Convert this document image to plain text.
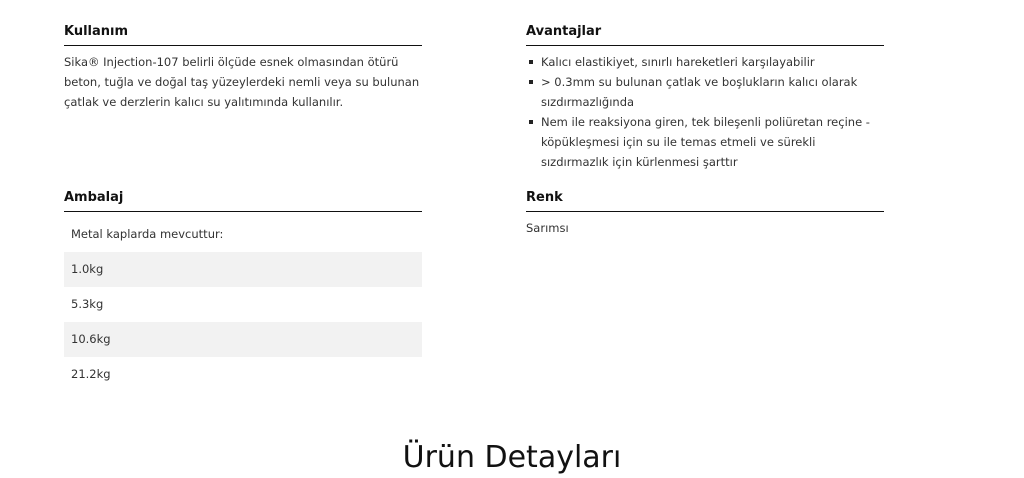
Kullanım
Sika® Injection-107 belirli ölçüde esnek olmasından ötürü beton, tuğla ve doğal taş yüzeylerdeki nemli veya su bulunan çatlak ve derzlerin kalıcı su yalıtımında kullanılır.
Avantajlar
Kalıcı elastikiyet, sınırlı hareketleri karşılayabilir
> 0.3mm su bulunan çatlak ve boşlukların kalıcı olarak sızdırmazlığında
Nem ile reaksiyona giren, tek bileşenli poliüretan reçine - köpükleşmesi için su ile temas etmeli ve sürekli sızdırmazlık için kürlenmesi şarttır
Ambalaj
Metal kaplarda mevcuttur:
1.0kg
5.3kg
10.6kg
21.2kg
Renk
Sarımsı
Ürün Detayları
